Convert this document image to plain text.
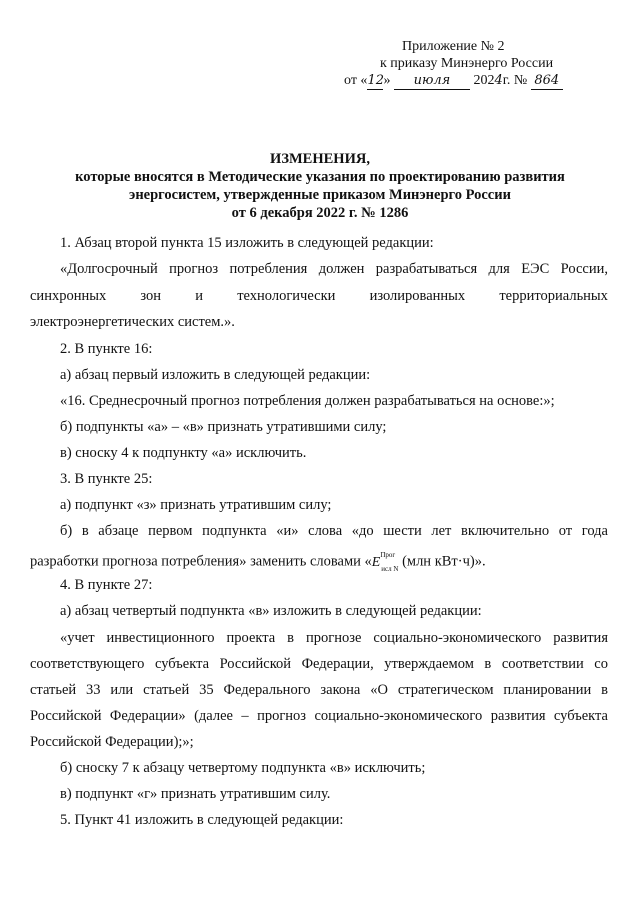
Приложение № 2
к приказу Минэнерго России
от «12» июля 2024г. № 864
ИЗМЕНЕНИЯ,
которые вносятся в Методические указания по проектированию развития
энергосистем, утвержденные приказом Минэнерго России
от 6 декабря 2022 г. № 1286
1. Абзац второй пункта 15 изложить в следующей редакции:
«Долгосрочный прогноз потребления должен разрабатываться для ЕЭС России,
синхронных зон и технологически изолированных территориальных
электроэнергетических систем.».
2. В пункте 16:
а) абзац первый изложить в следующей редакции:
«16. Среднесрочный прогноз потребления должен разрабатываться на основе:»;
б) подпункты «а» – «в» признать утратившими силу;
в) сноску 4 к подпункту «а» исключить.
3. В пункте 25:
а) подпункт «з» признать утратившим силу;
б) в абзаце первом подпункта «и» слова «до шести лет включительно от года
разработки прогноза потребления» заменить словами «$E^{Прог}_{исл N}$ (млн кВт·ч)».
4. В пункте 27:
а) абзац четвертый подпункта «в» изложить в следующей редакции:
«учет инвестиционного проекта в прогнозе социально-экономического развития
соответствующего субъекта Российской Федерации, утверждаемом в соответствии со
статьей 33 или статьей 35 Федерального закона «О стратегическом планировании в
Российской Федерации» (далее – прогноз социально-экономического развития субъекта
Российской Федерации);»;
б) сноску 7 к абзацу четвертому подпункта «в» исключить;
в) подпункт «г» признать утратившим силу.
5. Пункт 41 изложить в следующей редакции:
